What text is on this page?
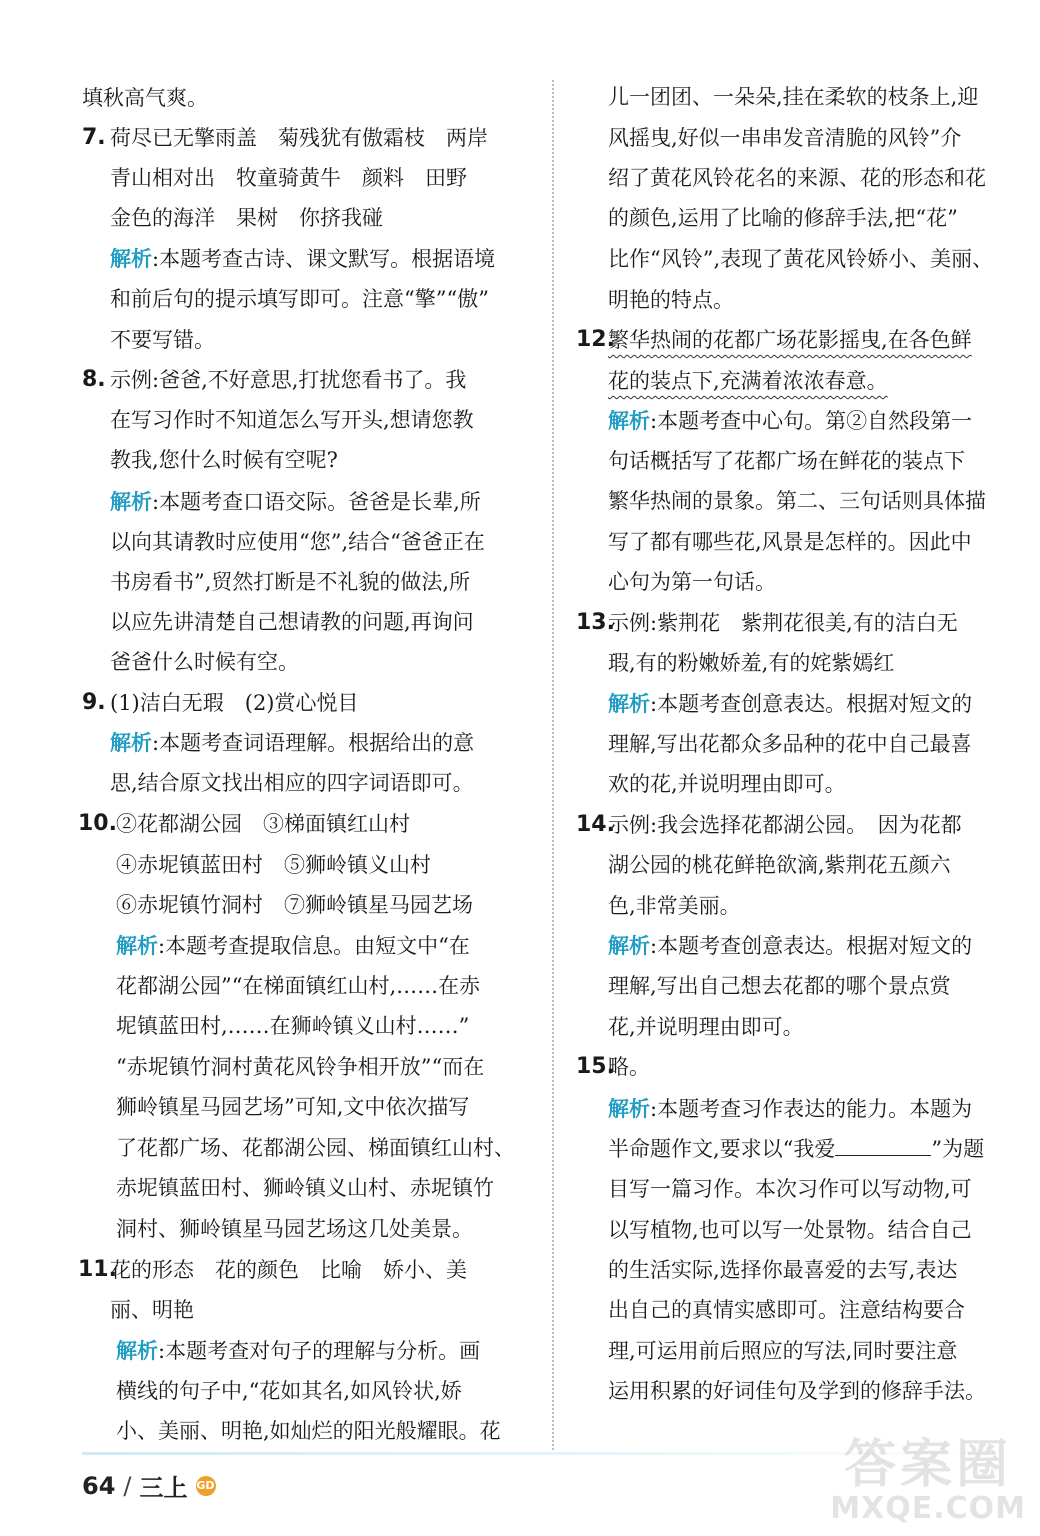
填秋高气爽。
7. 荷尽已无擎雨盖　菊残犹有傲霜枝　两岸
青山相对出　牧童骑黄牛　颜料　田野
金色的海洋　果树　你挤我碰
解析:本题考查古诗、课文默写。根据语境
和前后句的提示填写即可。注意“擎”“傲”
不要写错。
8. 示例:爸爸,不好意思,打扰您看书了。我
在写习作时不知道怎么写开头,想请您教
教我,您什么时候有空呢?
解析:本题考查口语交际。爸爸是长辈,所
以向其请教时应使用“您”,结合“爸爸正在
书房看书”,贸然打断是不礼貌的做法,所
以应先讲清楚自己想请教的问题,再询问
爸爸什么时候有空。
9. (1)洁白无瑕　(2)赏心悦目
解析:本题考查词语理解。根据给出的意
思,结合原文找出相应的四字词语即可。
10. ②花都湖公园　③梯面镇红山村
④赤坭镇蓝田村　⑤狮岭镇义山村
⑥赤坭镇竹洞村　⑦狮岭镇星马园艺场
解析:本题考查提取信息。由短文中“在
花都湖公园”“在梯面镇红山村,……在赤
坭镇蓝田村,……在狮岭镇义山村……”
“赤坭镇竹洞村黄花风铃争相开放”“而在
狮岭镇星马园艺场”可知,文中依次描写
了花都广场、花都湖公园、梯面镇红山村、
赤坭镇蓝田村、狮岭镇义山村、赤坭镇竹
洞村、狮岭镇星马园艺场这几处美景。
11.
花的形态　花的颜色　比喻　娇小、美
丽、明艳
解析:本题考查对句子的理解与分析。画
横线的句子中,“花如其名,如风铃状,娇
小、美丽、明艳,如灿烂的阳光般耀眼。花
儿一团团、一朵朵,挂在柔软的枝条上,迎
风摇曳,好似一串串发音清脆的风铃”介
绍了黄花风铃花名的来源、花的形态和花
的颜色,运用了比喻的修辞手法,把“花”
比作“风铃”,表现了黄花风铃娇小、美丽、
明艳的特点。
12.
繁华热闹的花都广场花影摇曳,在各色鲜
花的装点下,充满着浓浓春意。
解析:本题考查中心句。第②自然段第一
句话概括写了花都广场在鲜花的装点下
繁华热闹的景象。第二、三句话则具体描
写了都有哪些花,风景是怎样的。因此中
心句为第一句话。
13.
示例:紫荆花　紫荆花很美,有的洁白无
瑕,有的粉嫩娇羞,有的姹紫嫣红
解析:本题考查创意表达。根据对短文的
理解,写出花都众多品种的花中自己最喜
欢的花,并说明理由即可。
14.
示例:我会选择花都湖公园。　因为花都
湖公园的桃花鲜艳欲滴,紫荆花五颜六
色,非常美丽。
解析:本题考查创意表达。根据对短文的
理解,写出自己想去花都的哪个景点赏
花,并说明理由即可。
15.
略。
解析:本题考查习作表达的能力。本题为
半命题作文,要求以“我爱	”为题
目写一篇习作。本次习作可以写动物,可
以写植物,也可以写一处景物。结合自己
的生活实际,选择你最喜爱的去写,表达
出自己的真情实感即可。注意结构要合
理,可运用前后照应的写法,同时要注意
运用积累的好词佳句及学到的修辞手法。
64 / 三上 GD	答案圈
MXQE.COM
